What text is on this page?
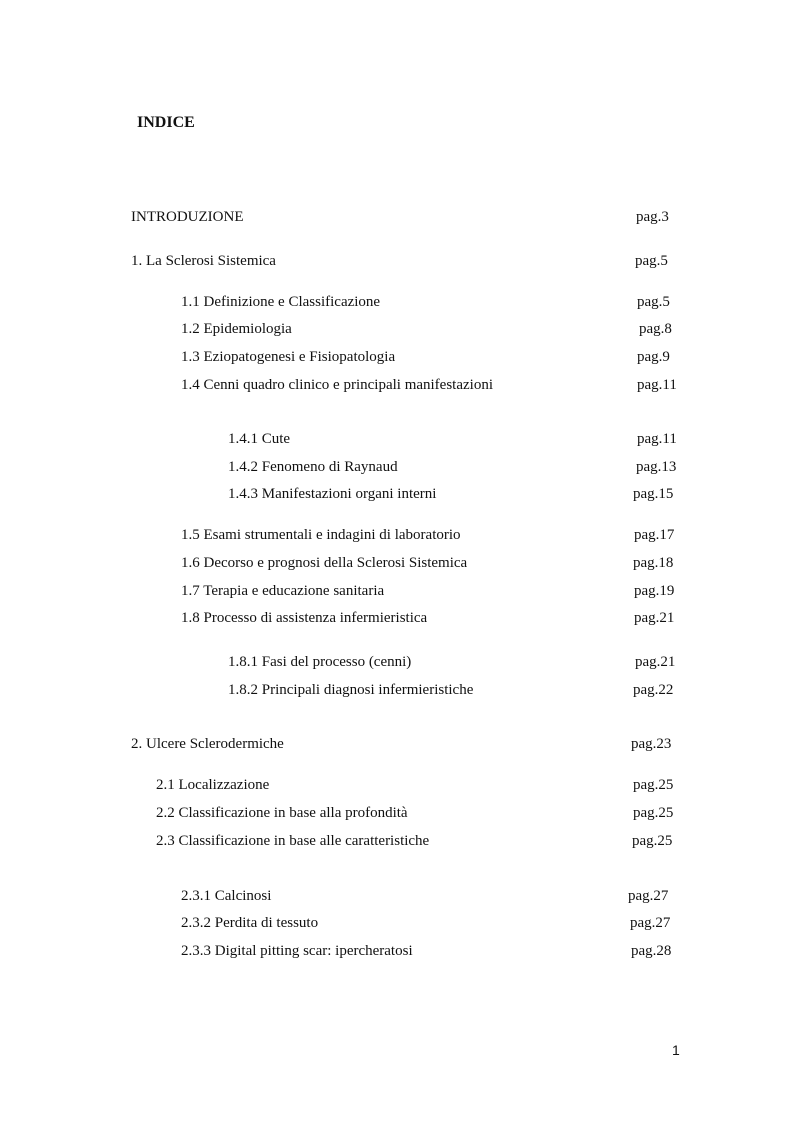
INDICE
INTRODUZIONE	pag.3
1. La Sclerosi Sistemica	pag.5
1.1 Definizione e Classificazione	pag.5
1.2 Epidemiologia	pag.8
1.3 Eziopatogenesi e Fisiopatologia	pag.9
1.4 Cenni quadro clinico e principali manifestazioni	pag.11
1.4.1 Cute	pag.11
1.4.2 Fenomeno di Raynaud	pag.13
1.4.3 Manifestazioni organi interni	pag.15
1.5 Esami strumentali e indagini di laboratorio	pag.17
1.6 Decorso e prognosi della Sclerosi Sistemica	pag.18
1.7 Terapia e educazione sanitaria	pag.19
1.8 Processo di assistenza infermieristica	pag.21
1.8.1 Fasi del processo (cenni)	pag.21
1.8.2 Principali diagnosi infermieristiche	pag.22
2. Ulcere Sclerodermiche	pag.23
2.1 Localizzazione	pag.25
2.2 Classificazione in base alla profondità	pag.25
2.3 Classificazione in base alle caratteristiche	pag.25
2.3.1 Calcinosi	pag.27
2.3.2 Perdita di tessuto	pag.27
2.3.3 Digital pitting scar: ipercheratosi	pag.28
1
